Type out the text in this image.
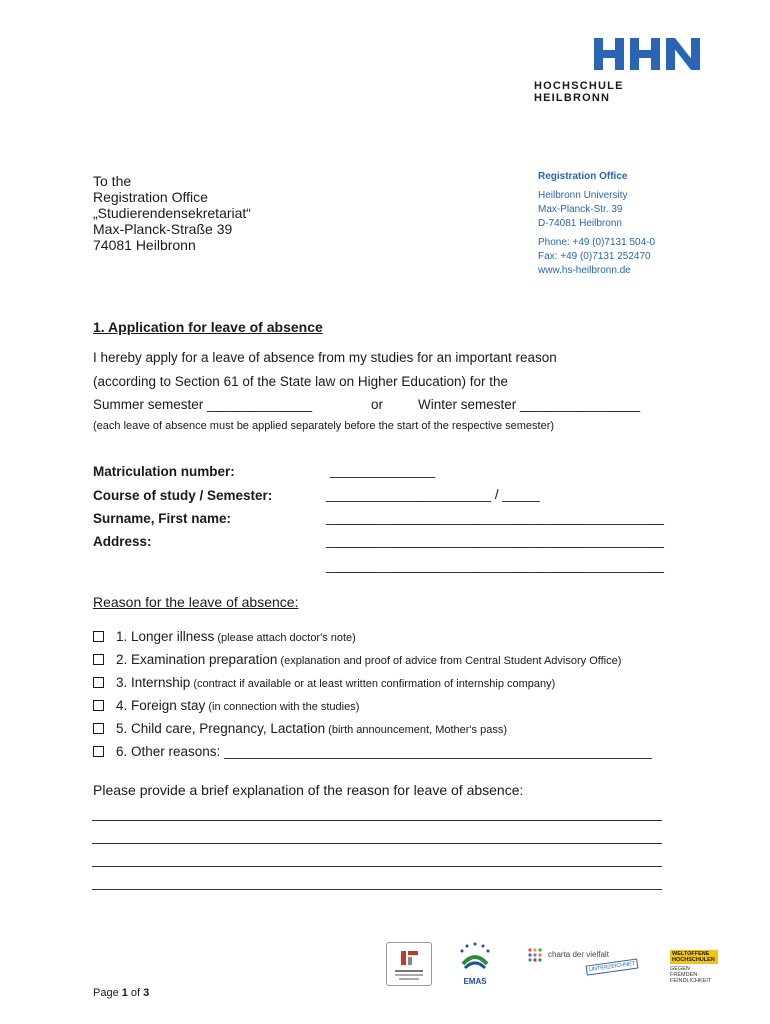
HOCHSCHULE HEILBRONN
To the
Registration Office
„Studierendensekretariat“
Max-Planck-Straße 39
74081 Heilbronn
Registration Office
Heilbronn University
Max-Planck-Str. 39
D-74081 Heilbronn
Phone: +49 (0)7131 504-0
Fax: +49 (0)7131 252470
www.hs-heilbronn.de
1. Application for leave of absence
I hereby apply for a leave of absence from my studies for an important reason
(according to Section 61 of the State law on Higher Education) for the
Summer semester ______________	or	Winter semester ________________
(each leave of absence must be applied separately before the start of the respective semester)
Matriculation number:	______________
Course of study / Semester:	______________________ / _____
Surname, First name:	_____________________________________________
Address:	_____________________________________________
_____________________________________________
Reason for the leave of absence:
1. Longer illness (please attach doctor's note)
2. Examination preparation (explanation and proof of advice from Central Student Advisory Office)
3. Internship (contract if available or at least written confirmation of internship company)
4. Foreign stay (in connection with the studies)
5. Child care, Pregnancy, Lactation (birth announcement, Mother's pass)
6. Other reasons: _________________________________________________________
Please provide a brief explanation of the reason for leave of absence:
EMAS
charta der vielfalt
UNTERZEICHNET
WELTOFFENE HOCHSCHULEN
GEGEN FREMDEN-FEINDLICHKEIT
Page 1 of 3
